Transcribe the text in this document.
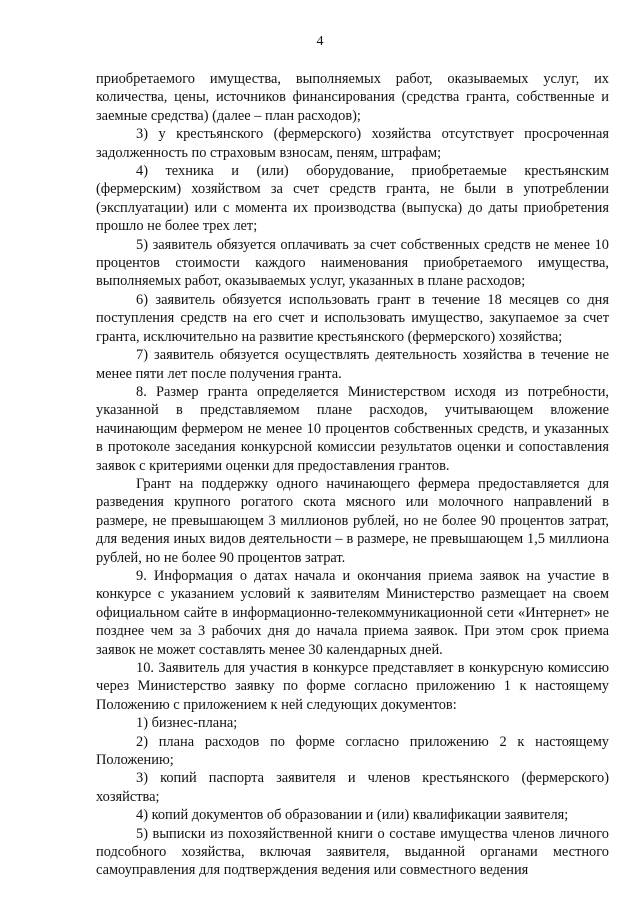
4

приобретаемого имущества, выполняемых работ, оказываемых услуг, их количества, цены, источников финансирования (средства гранта, собственные и заемные средства) (далее – план расходов);

3) у крестьянского (фермерского) хозяйства отсутствует просроченная задолженность по страховым взносам, пеням, штрафам;

4) техника и (или) оборудование, приобретаемые крестьянским (фермерским) хозяйством за счет средств гранта, не были в употреблении (эксплуатации) или с момента их производства (выпуска) до даты приобретения прошло не более трех лет;

5) заявитель обязуется оплачивать за счет собственных средств не менее 10 процентов стоимости каждого наименования приобретаемого имущества, выполняемых работ, оказываемых услуг, указанных в плане расходов;

6) заявитель обязуется использовать грант в течение 18 месяцев со дня поступления средств на его счет и использовать имущество, закупаемое за счет гранта, исключительно на развитие крестьянского (фермерского) хозяйства;

7) заявитель обязуется осуществлять деятельность хозяйства в течение не менее пяти лет после получения гранта.

8. Размер гранта определяется Министерством исходя из потребности, указанной в представляемом плане расходов, учитывающем вложение начинающим фермером не менее 10 процентов собственных средств, и указанных в протоколе заседания конкурсной комиссии результатов оценки и сопоставления заявок с критериями оценки для предоставления грантов.

Грант на поддержку одного начинающего фермера предоставляется для разведения крупного рогатого скота мясного или молочного направлений в размере, не превышающем 3 миллионов рублей, но не более 90 процентов затрат, для ведения иных видов деятельности – в размере, не превышающем 1,5 миллиона рублей, но не более 90 процентов затрат.

9. Информация о датах начала и окончания приема заявок на участие в конкурсе с указанием условий к заявителям Министерство размещает на своем официальном сайте в информационно-телекоммуникационной сети «Интернет» не позднее чем за 3 рабочих дня до начала приема заявок. При этом срок приема заявок не может составлять менее 30 календарных дней.

10. Заявитель для участия в конкурсе представляет в конкурсную комиссию через Министерство заявку по форме согласно приложению 1 к настоящему Положению с приложением к ней следующих документов:

1) бизнес-плана;

2) плана расходов по форме согласно приложению 2 к настоящему Положению;

3) копий паспорта заявителя и членов крестьянского (фермерского) хозяйства;

4) копий документов об образовании и (или) квалификации заявителя;

5) выписки из похозяйственной книги о составе имущества членов личного подсобного хозяйства, включая заявителя, выданной органами местного самоуправления для подтверждения ведения или совместного ведения
